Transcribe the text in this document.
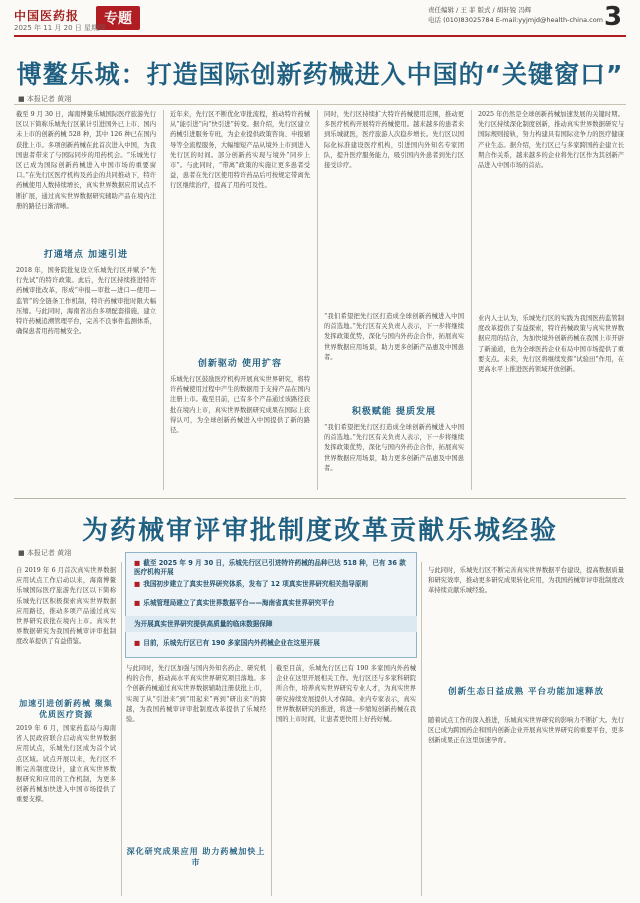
中国医药报	专题
2025 年 11 月 20 日 星期四
责任编辑 / 王 菲 版式 / 胡轩锐 冯辉
电话 (010)83025784 E-mail:yyjmjd@health-china.com 3
博鳌乐城：打造国际创新药械进入中国的“关键窗口”
■ 本报记者 黄翊
截至 9 月 30 日，海南博鳌乐城国际医疗旅游先行区以下简称乐城先行区累计引进国外已上市、国内未上市的创新药械 528 种，其中 126 种已在国内获批上市。多项创新药械在此首次进入中国，为我国患者带来了与国际同步的用药机会。“乐城先行区已成为国际创新药械进入中国市场的重要窗口。”在先行区医疗机构及药企的共同推动下，特许药械使用人数持续增长，真实世界数据应用试点不断扩展，通过真实世界数据研究辅助产品在境内注册的路径日渐清晰。
打通堵点 加速引进
2018 年，国务院批复设立乐城先行区并赋予“先行先试”的特许政策。此后，先行区持续推进特许药械审批改革，形成“申报—审批—进口—使用—监管”的全链条工作机制，特许药械审批时限大幅压缩。与此同时，海南省出台多项配套措施，建立特许药械追溯管理平台，完善不良事件监测体系，确保患者用药用械安全。
近年来，先行区不断优化审批流程，推动特许药械从“能引进”向“快引进”转变。据介绍，先行区建立药械引进服务专班，为企业提供政策咨询、申报辅导等全流程服务，大幅缩短产品从境外上市到进入先行区的时间。部分创新药实现与境外“同步上市”。与此同时，“带离”政策的实施让更多患者受益，患者在先行区使用特许药品后可按规定带离先行区继续治疗，提高了用药可及性。
创新驱动 使用扩容
乐城先行区鼓励医疗机构开展真实世界研究，将特许药械使用过程中产生的数据用于支持产品在国内注册上市。截至目前，已有多个产品通过该路径获批在境内上市，真实世界数据研究成果在国际上获得认可，为全球创新药械进入中国提供了新的路径。
同时，先行区持续扩大特许药械使用范围，推动更多医疗机构开展特许药械使用。越来越多的患者来到乐城就医，医疗旅游人次稳步增长。先行区以国际化标准建设医疗机构，引进国内外知名专家团队，提升医疗服务能力，吸引国内外患者到先行区接受诊疗。
“我们希望把先行区打造成全球创新药械进入中国的首选地。”先行区有关负责人表示，下一步将继续发挥政策优势，深化与国内外药企合作，拓展真实世界数据应用场景，助力更多创新产品惠及中国患者。
积极赋能 提质发展
“我们希望把先行区打造成全球创新药械进入中国的首选地。”先行区有关负责人表示，下一步将继续发挥政策优势，深化与国内外药企合作，拓展真实世界数据应用场景，助力更多创新产品惠及中国患者。
2025 年仍然是全球创新药械加速发展的关键时期。先行区持续深化制度创新，推动真实世界数据研究与国际规则接轨，努力构建具有国际竞争力的医疗健康产业生态。据介绍，先行区已与多家跨国药企建立长期合作关系，越来越多的企业将先行区作为其创新产品进入中国市场的首站。
业内人士认为，乐城先行区的实践为我国医药监管制度改革提供了有益探索，特许药械政策与真实世界数据应用的结合，为加快境外创新药械在我国上市开辟了新通道，也为全球医药企业布局中国市场提供了重要支点。未来，先行区将继续发挥“试验田”作用，在更高水平上推进医药领域开放创新。
为药械审评审批制度改革贡献乐城经验
■ 本报记者 黄翊
■ 截至 2025 年 9 月 30 日，乐城先行区已引进特许药械的品种已达 518 种，已有 36 款医疗机构开展
■ 我国初步建立了真实世界研究体系，发布了 12 项真实世界研究相关指导原则
■ 乐城管理局建立了真实世界数据平台——海南省真实世界研究平台
为开展真实世界研究提供高质量的临床数据保障
■ 目前，乐城先行区已有 190 多家国内外药械企业在这里开展
自 2019 年 6 月首次真实世界数据应用试点工作启动以来，海南博鳌乐城国际医疗旅游先行区以下简称乐城先行区积极探索真实世界数据应用路径，推动多项产品通过真实世界研究获批在境内上市。真实世界数据研究为我国药械审评审批制度改革提供了有益借鉴。
加速引进创新药械 聚集优质医疗资源
2019 年 6 月，国家药监局与海南省人民政府联合启动真实世界数据应用试点，乐城先行区成为首个试点区域。试点开展以来，先行区不断完善制度设计，建立真实世界数据研究和应用的工作机制，为更多创新药械加快进入中国市场提供了重要支撑。
与此同时，先行区加强与国内外知名药企、研究机构的合作，推动高水平真实世界研究项目落地。多个创新药械通过真实世界数据辅助注册获批上市，实现了从“引进来”到“用起来”再到“研出来”的跨越，为我国药械审评审批制度改革提供了乐城经验。
深化研究成果应用 助力药械加快上市
截至目前，乐城先行区已有 190 多家国内外药械企业在这里开展相关工作。先行区还与多家科研院所合作，培养真实世界研究专业人才，为真实世界研究持续发展提供人才保障。业内专家表示，真实世界数据研究的推进，将进一步缩短创新药械在我国的上市时间，让患者更快用上好药好械。
与此同时，乐城先行区不断完善真实世界数据平台建设，提高数据质量和研究效率，推动更多研究成果转化应用，为我国药械审评审批制度改革持续贡献乐城经验。
创新生态日益成熟 平台功能加速释放
随着试点工作的深入推进，乐城真实世界研究的影响力不断扩大。先行区已成为跨国药企和国内创新企业开展真实世界研究的重要平台，更多创新成果正在这里加速孕育。
